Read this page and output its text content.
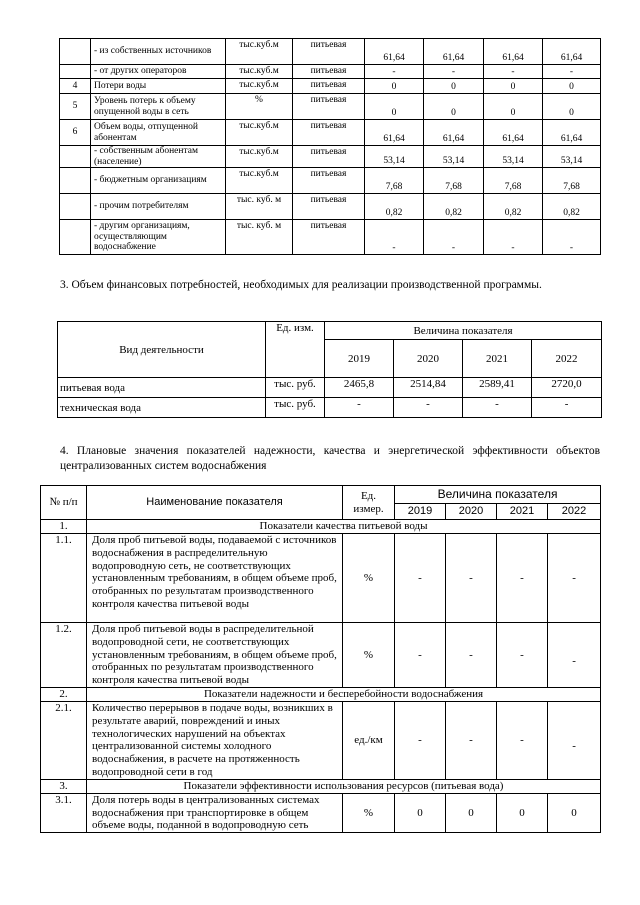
	- из собственных источников	тыс.куб.м	питьевая	61,64	61,64	61,64	61,64
	- от других операторов	тыс.куб.м	питьевая	-	-	-	-
4	Потери воды	тыс.куб.м	питьевая	0	0	0	0
5	Уровень потерь к объему опущенной воды в сеть	%	питьевая	0	0	0	0
6	Объем воды, отпущенной абонентам	тыс.куб.м	питьевая	61,64	61,64	61,64	61,64
	- собственным абонентам (население)	тыс.куб.м	питьевая	53,14	53,14	53,14	53,14
	- бюджетным организациям	тыс.куб.м	питьевая	7,68	7,68	7,68	7,68
	- прочим потребителям	тыс. куб. м	питьевая	0,82	0,82	0,82	0,82
	- другим организациям, осуществляющим водоснабжение	тыс. куб. м	питьевая	-	-	-	-
3. Объем финансовых потребностей, необходимых для реализации производственной программы.
Вид деятельности	Ед. изм.	Величина показателя			
		2019	2020	2021	2022
питьевая вода	тыс. руб.	2465,8	2514,84	2589,41	2720,0
техническая вода	тыс. руб.	-	-	-	-
4. Плановые значения показателей надежности, качества и энергетической эффективности объектов централизованных систем водоснабжения
№ п/п	Наименование показателя	Ед. измер.	Величина показателя			
			2019	2020	2021	2022
1.	Показатели качества питьевой воды					
1.1.	Доля проб питьевой воды, подаваемой с источников водоснабжения в распределительную водопроводную сеть, не соответствующих установленным требованиям, в общем объеме проб, отобранных по результатам производственного контроля качества питьевой воды	%	-	-	-	-
1.2.	Доля проб питьевой воды в распределительной водопроводной сети, не соответствующих установленным требованиям, в общем объеме проб, отобранных по результатам производственного контроля качества питьевой воды	%	-	-	-	-
2.	Показатели надежности и бесперебойности водоснабжения					
2.1.	Количество перерывов в подаче воды, возникших в результате аварий, повреждений и иных технологических нарушений на объектах централизованной системы холодного водоснабжения, в расчете на протяженность водопроводной сети в год	ед./км	-	-	-	-
3.	Показатели эффективности использования ресурсов (питьевая вода)					
3.1.	Доля потерь воды в централизованных системах водоснабжения при транспортировке в общем объеме воды, поданной в водопроводную сеть	%	0	0	0	0
